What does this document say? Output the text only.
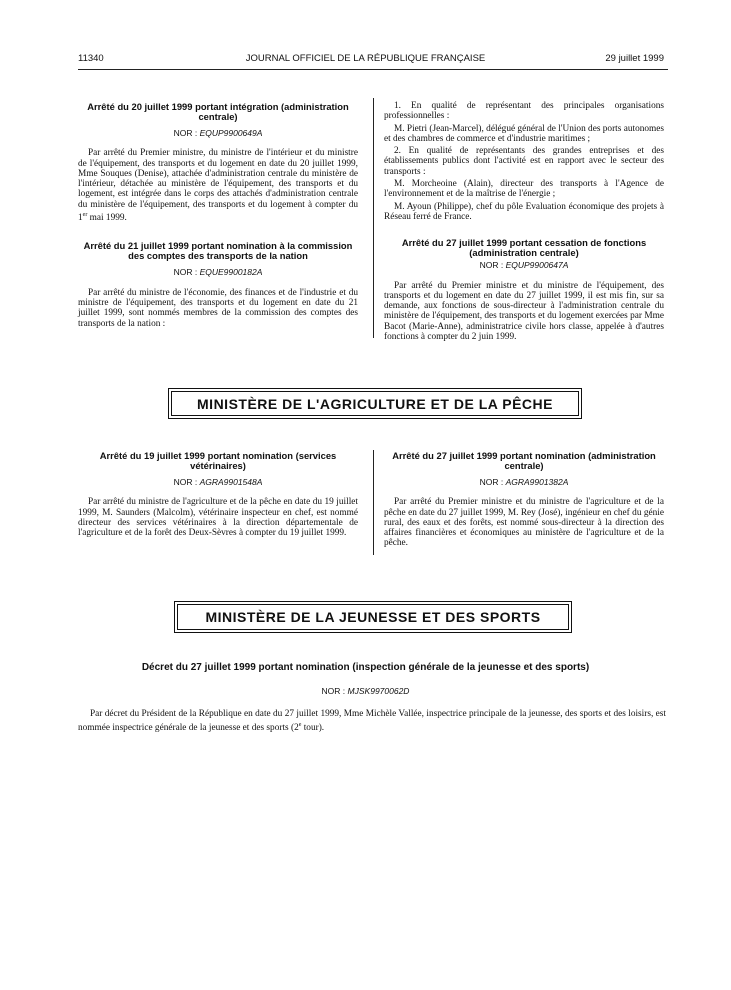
11340	JOURNAL OFFICIEL DE LA RÉPUBLIQUE FRANÇAISE	29 juillet 1999

Arrêté du 20 juillet 1999 portant intégration (administration centrale)

NOR : EQUP9900649A

Par arrêté du Premier ministre, du ministre de l'intérieur et du ministre de l'équipement, des transports et du logement en date du 20 juillet 1999, Mme Souques (Denise), attachée d'administration centrale du ministère de l'intérieur, détachée au ministère de l'équipement, des transports et du logement, est intégrée dans le corps des attachés d'administration centrale du ministère de l'équipement, des transports et du logement à compter du 1er mai 1999.

Arrêté du 21 juillet 1999 portant nomination à la commission des comptes des transports de la nation

NOR : EQUE9900182A

Par arrêté du ministre de l'économie, des finances et de l'industrie et du ministre de l'équipement, des transports et du logement en date du 21 juillet 1999, sont nommés membres de la commission des comptes des transports de la nation :

1. En qualité de représentant des principales organisations professionnelles :

M. Pietri (Jean-Marcel), délégué général de l'Union des ports autonomes et des chambres de commerce et d'industrie maritimes ;

2. En qualité de représentants des grandes entreprises et des établissements publics dont l'activité est en rapport avec le secteur des transports :

M. Morcheoine (Alain), directeur des transports à l'Agence de l'environnement et de la maîtrise de l'énergie ;

M. Ayoun (Philippe), chef du pôle Evaluation économique des projets à Réseau ferré de France.

Arrêté du 27 juillet 1999 portant cessation de fonctions (administration centrale)

NOR : EQUP9900647A

Par arrêté du Premier ministre et du ministre de l'équipement, des transports et du logement en date du 27 juillet 1999, il est mis fin, sur sa demande, aux fonctions de sous-directeur à l'administration centrale du ministère de l'équipement, des transports et du logement exercées par Mme Bacot (Marie-Anne), administratrice civile hors classe, appelée à d'autres fonctions à compter du 2 juin 1999.

MINISTÈRE DE L'AGRICULTURE ET DE LA PÊCHE

Arrêté du 19 juillet 1999 portant nomination (services vétérinaires)

NOR : AGRA9901548A

Par arrêté du ministre de l'agriculture et de la pêche en date du 19 juillet 1999, M. Saunders (Malcolm), vétérinaire inspecteur en chef, est nommé directeur des services vétérinaires à la direction départementale de l'agriculture et de la forêt des Deux-Sèvres à compter du 19 juillet 1999.

Arrêté du 27 juillet 1999 portant nomination (administration centrale)

NOR : AGRA9901382A

Par arrêté du Premier ministre et du ministre de l'agriculture et de la pêche en date du 27 juillet 1999, M. Rey (José), ingénieur en chef du génie rural, des eaux et des forêts, est nommé sous-directeur à la direction des affaires financières et économiques au ministère de l'agriculture et de la pêche.

MINISTÈRE DE LA JEUNESSE ET DES SPORTS
Décret du 27 juillet 1999 portant nomination (inspection générale de la jeunesse et des sports)
NOR : MJSK9970062D
Par décret du Président de la République en date du 27 juillet 1999, Mme Michèle Vallée, inspectrice principale de la jeunesse, des sports et des loisirs, est nommée inspectrice générale de la jeunesse et des sports (2e tour).
